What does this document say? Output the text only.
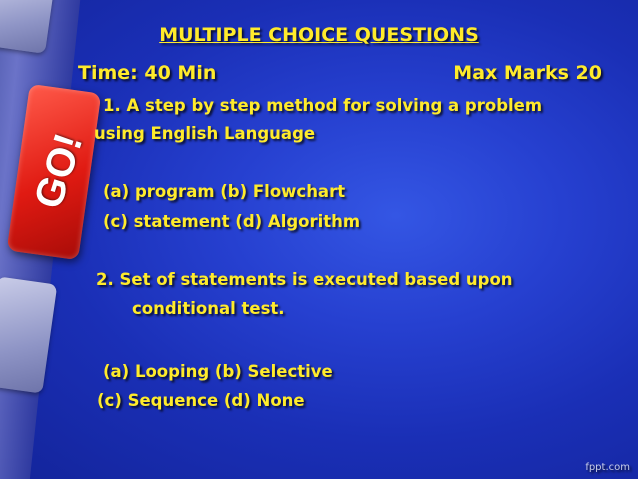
GO!
MULTIPLE CHOICE QUESTIONS
Time: 40 Min	Max Marks 20
1. A step by step method for solving a problem
using English Language
(a) program (b) Flowchart
(c) statement (d) Algorithm
2. Set of statements is executed based upon
conditional test.
(a) Looping (b) Selective
(c) Sequence (d) None
fppt.com
